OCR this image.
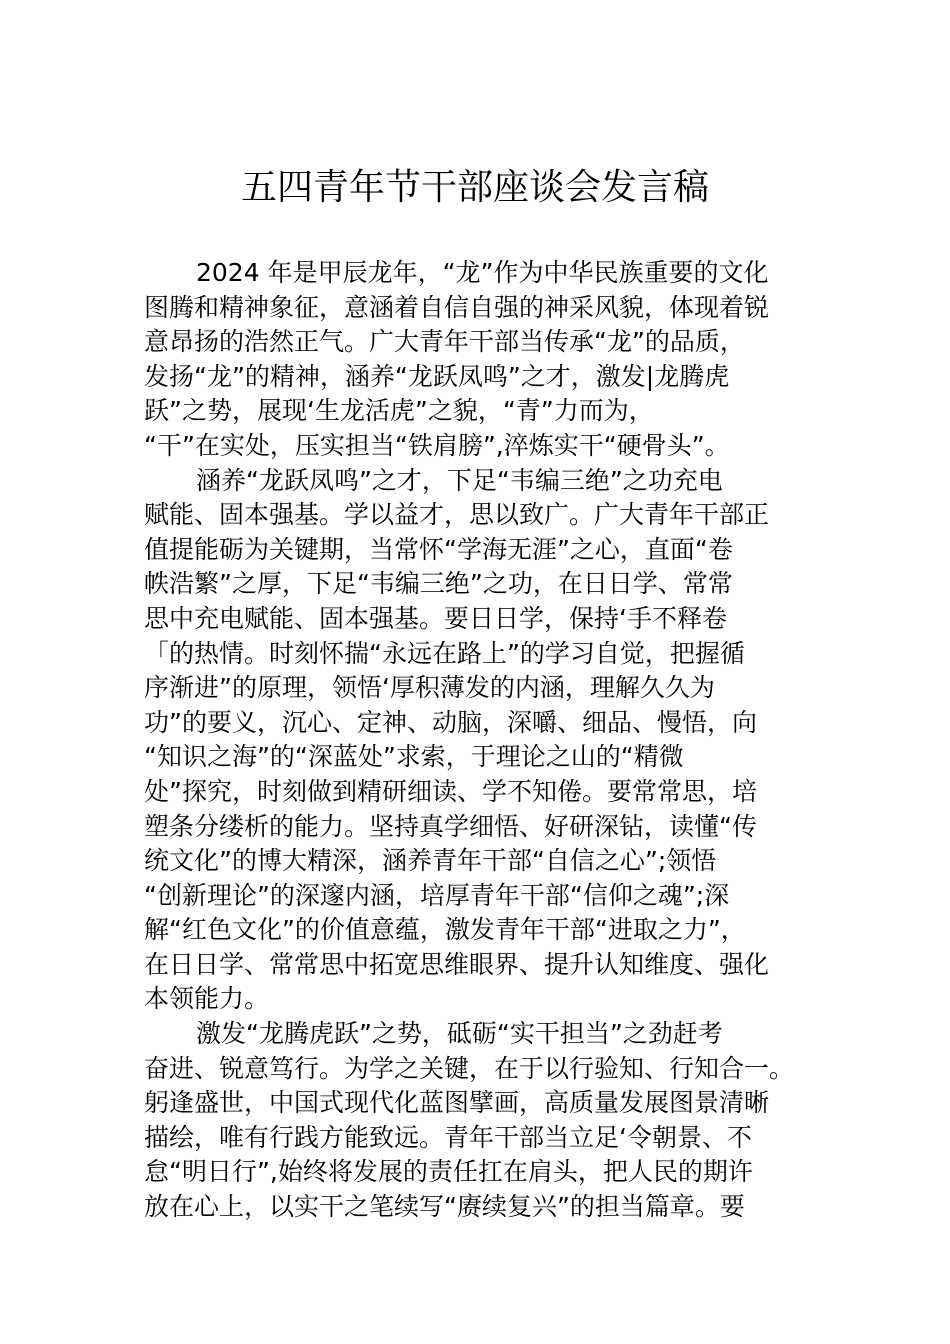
五四青年节干部座谈会发言稿

2024 年是甲辰龙年，“龙”作为中华民族重要的文化
图腾和精神象征，意涵着自信自强的神采风貌，体现着锐
意昂扬的浩然正气。广大青年干部当传承“龙”的品质，
发扬“龙”的精神，涵养“龙跃凤鸣”之才，激发|龙腾虎
跃”之势，展现‘生龙活虎”之貌，“青”力而为，
“干”在实处，压实担当“铁肩膀”,淬炼实干“硬骨头”。

涵养“龙跃凤鸣”之才，下足“韦编三绝”之功充电
赋能、固本强基。学以益才，思以致广。广大青年干部正
值提能砺为关键期，当常怀“学海无涯”之心，直面“卷
帙浩繁”之厚，下足“韦编三绝”之功，在日日学、常常
思中充电赋能、固本强基。要日日学，保持‘手不释卷
「的热情。时刻怀揣“永远在路上”的学习自觉，把握循
序渐进”的原理，领悟‘厚积薄发的内涵，理解久久为
功”的要义，沉心、定神、动脑，深嚼、细品、慢悟，向
“知识之海”的“深蓝处”求索，于理论之山的“精微
处”探究，时刻做到精研细读、学不知倦。要常常思，培
塑条分缕析的能力。坚持真学细悟、好研深钻，读懂“传
统文化”的博大精深，涵养青年干部“自信之心”;领悟
“创新理论”的深邃内涵，培厚青年干部“信仰之魂”;深
解“红色文化”的价值意蕴，激发青年干部“进取之力”，
在日日学、常常思中拓宽思维眼界、提升认知维度、强化
本领能力。

激发“龙腾虎跃”之势，砥砺“实干担当”之劲赶考
奋进、锐意笃行。为学之关键，在于以行验知、行知合一。
躬逢盛世，中国式现代化蓝图擘画，高质量发展图景清晰
描绘，唯有行践方能致远。青年干部当立足‘令朝景、不
怠“明日行”,始终将发展的责任扛在肩头，把人民的期许
放在心上，以实干之笔续写“赓续复兴”的担当篇章。要
